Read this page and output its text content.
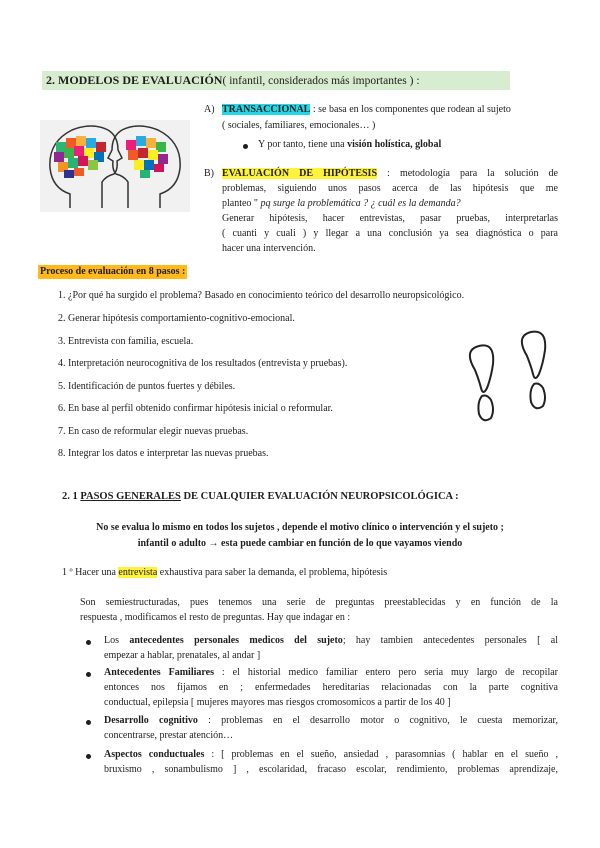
2. MODELOS DE EVALUACIÓN( infantil, considerados más importantes ) :
A) TRANSACCIONAL : se basa en los componentes que rodean al sujeto
( sociales, familiares, emocionales… )
Y por tanto, tiene una visión holística, global
B) EVALUACIÓN DE HIPÓTESIS : metodología para la solución de
problemas, siguiendo unos pasos acerca de las hipótesis que me
planteo " pq surge la problemática ? ¿ cuál es la demanda?
Generar hipótesis, hacer entrevistas, pasar pruebas, interpretarlas
( cuanti y cuali ) y llegar a una conclusión ya sea diagnóstica o para
hacer una intervención.
Proceso de evaluación en 8 pasos :
1. ¿Por qué ha surgido el problema? Basado en conocimiento teórico del desarrollo neuropsicológico.
2. Generar hipótesis comportamiento-cognitivo-emocional.
3. Entrevista con familia, escuela.
4. Interpretación neurocognitiva de los resultados (entrevista y pruebas).
5. Identificación de puntos fuertes y débiles.
6. En base al perfil obtenido confirmar hipótesis inicial o reformular.
7. En caso de reformular elegir nuevas pruebas.
8. Integrar los datos e interpretar las nuevas pruebas.
2. 1 PASOS GENERALES DE CUALQUIER EVALUACIÓN NEUROPSICOLÓGICA :
No se evalua lo mismo en todos los sujetos , depende el motivo clínico o intervención y el sujeto ;
infantil o adulto → esta puede cambiar en función de lo que vayamos viendo
1 º Hacer una entrevista exhaustiva para saber la demanda, el problema, hipótesis
Son semiestructuradas, pues tenemos una serie de preguntas preestablecidas y en función de la
respuesta , modificamos el resto de preguntas. Hay que indagar en :
Los antecedentes personales medicos del sujeto; hay tambien antecedentes personales [ al
empezar a hablar, prenatales, al andar ]
Antecedentes Familiares : el historial medico familiar entero pero seria muy largo de recopilar
entonces nos fijamos en ; enfermedades hereditarias relacionadas con la parte cognitiva
conductual, epilepsia [ mujeres mayores mas riesgos cromosomicos a partir de los 40 ]
Desarrollo cognitivo : problemas en el desarrollo motor o cognitivo, le cuesta memorizar,
concentrarse, prestar atención…
Aspectos conductuales : [ problemas en el sueño, ansiedad , parasomnias ( hablar en el sueño ,
bruxismo , sonambulismo ] , escolaridad, fracaso escolar, rendimiento, problemas aprendizaje,
